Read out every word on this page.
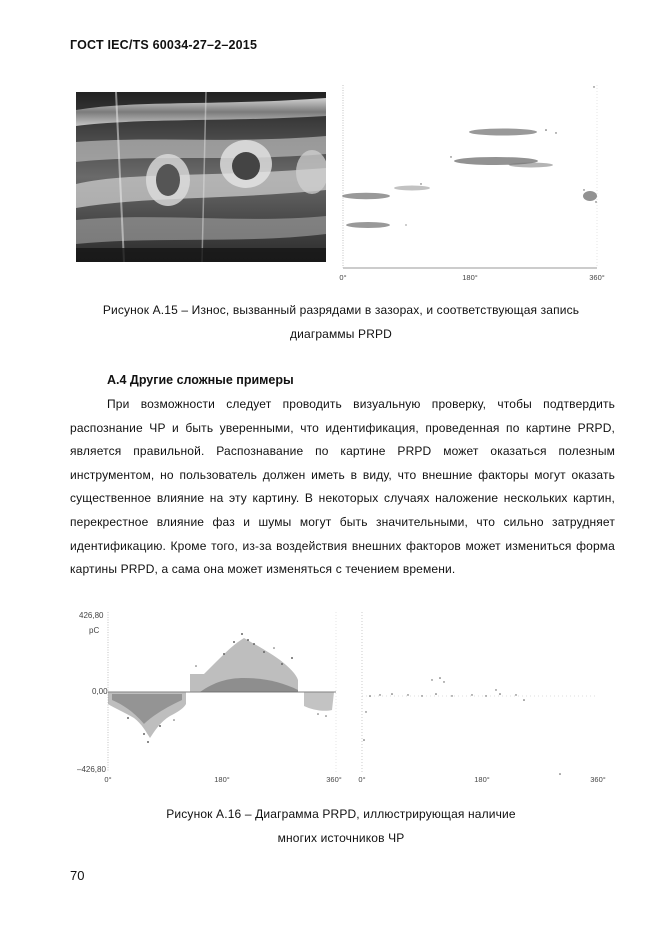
ГОСТ IEC/TS 60034-27–2–2015
0°	180°	360°
Рисунок А.15 – Износ, вызванный разрядами в зазорах, и соответствующая запись
диаграммы PRPD
А.4 Другие сложные примеры
При возможности следует проводить визуальную проверку, чтобы подтвердить распознание ЧР и быть уверенными, что идентификация, проведенная по картине PRPD, является правильной. Распознавание по картине PRPD может оказаться полезным инструментом, но пользователь должен иметь в виду, что внешние факторы могут оказать существенное влияние на эту картину. В некоторых случаях наложение нескольких картин, перекрестное влияние фаз и шумы могут быть значительными, что сильно затрудняет идентификацию. Кроме того, из-за воздействия внешних факторов может измениться форма картины PRPD, а сама она может изменяться с течением времени.
426,80
pC
0,00
–426,80
0°	180°	360° 0°	180°	360°
Рисунок А.16 – Диаграмма PRPD, иллюстрирующая наличие
многих источников ЧР
70
